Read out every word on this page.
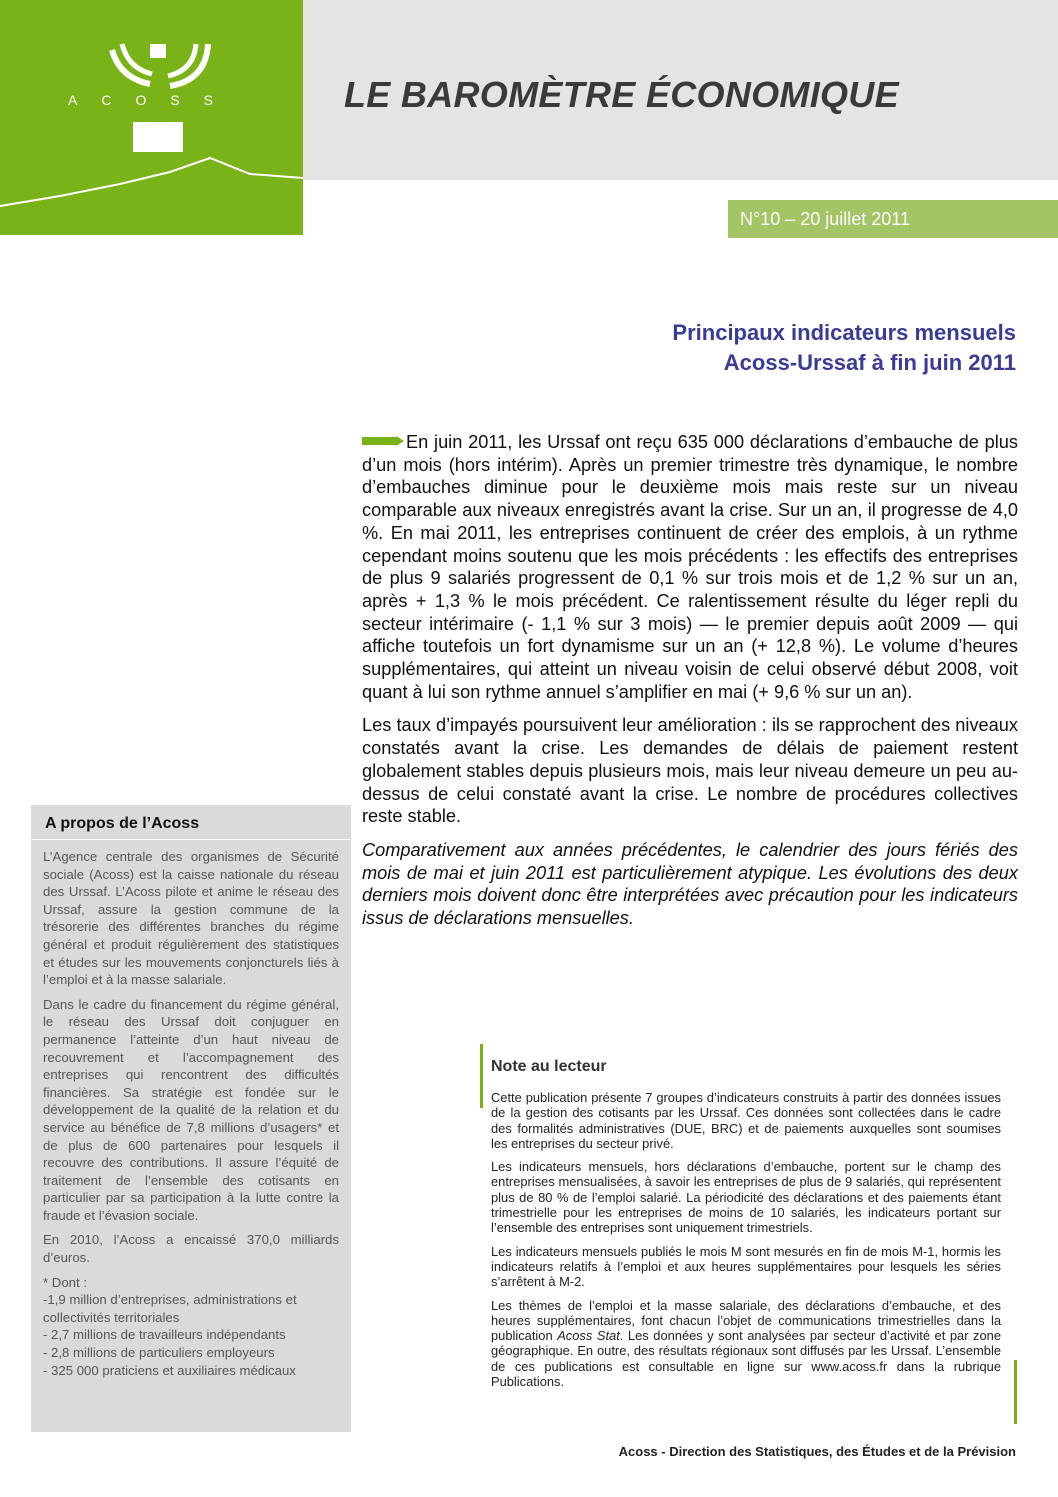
ACOSS	LE BAROMÈTRE ÉCONOMIQUE
N°10 – 20 juillet 2011
Principaux indicateurs mensuels
Acoss-Urssaf à fin juin 2011

En juin 2011, les Urssaf ont reçu 635 000 déclarations d’embauche de plus d’un mois (hors intérim). Après un premier trimestre très dynamique, le nombre d’embauches diminue pour le deuxième mois mais reste sur un niveau comparable aux niveaux enregistrés avant la crise. Sur un an, il progresse de 4,0 %. En mai 2011, les entreprises continuent de créer des emplois, à un rythme cependant moins soutenu que les mois précédents : les effectifs des entreprises de plus 9 salariés progressent de 0,1 % sur trois mois et de 1,2 % sur un an, après + 1,3 % le mois précédent. Ce ralentissement résulte du léger repli du secteur intérimaire (- 1,1 % sur 3 mois) — le premier depuis août 2009 — qui affiche toutefois un fort dynamisme sur un an (+ 12,8 %). Le volume d’heures supplémentaires, qui atteint un niveau voisin de celui observé début 2008, voit quant à lui son rythme annuel s’amplifier en mai (+ 9,6 % sur un an).

Les taux d’impayés poursuivent leur amélioration : ils se rapprochent des niveaux constatés avant la crise. Les demandes de délais de paiement restent globalement stables depuis plusieurs mois, mais leur niveau demeure un peu au-dessus de celui constaté avant la crise. Le nombre de procédures collectives reste stable.

Comparativement aux années précédentes, le calendrier des jours fériés des mois de mai et juin 2011 est particulièrement atypique. Les évolutions des deux derniers mois doivent donc être interprétées avec précaution pour les indicateurs issus de déclarations mensuelles.

A propos de l’Acoss

L’Agence centrale des organismes de Sécurité sociale (Acoss) est la caisse nationale du réseau des Urssaf. L’Acoss pilote et anime le réseau des Urssaf, assure la gestion commune de la trésorerie des différentes branches du régime général et produit régulièrement des statistiques et études sur les mouvements conjoncturels liés à l’emploi et à la masse salariale.

Dans le cadre du financement du régime général, le réseau des Urssaf doit conjuguer en permanence l’atteinte d’un haut niveau de recouvrement et l’accompagnement des entreprises qui rencontrent des difficultés financières. Sa stratégie est fondée sur le développement de la qualité de la relation et du service au bénéfice de 7,8 millions d’usagers* et de plus de 600 partenaires pour lesquels il recouvre des contributions. Il assure l’équité de traitement de l’ensemble des cotisants en particulier par sa participation à la lutte contre la fraude et l’évasion sociale.

En 2010, l’Acoss a encaissé 370,0 milliards d’euros.

* Dont :

-1,9 million d’entreprises, administrations et collectivités territoriales

- 2,7 millions de travailleurs indépendants

- 2,8 millions de particuliers employeurs

- 325 000 praticiens et auxiliaires médicaux

Note au lecteur

Cette publication présente 7 groupes d’indicateurs construits à partir des données issues de la gestion des cotisants par les Urssaf. Ces données sont collectées dans le cadre des formalités administratives (DUE, BRC) et de paiements auxquelles sont soumises les entreprises du secteur privé.

Les indicateurs mensuels, hors déclarations d’embauche, portent sur le champ des entreprises mensualisées, à savoir les entreprises de plus de 9 salariés, qui représentent plus de 80 % de l’emploi salarié. La périodicité des déclarations et des paiements étant trimestrielle pour les entreprises de moins de 10 salariés, les indicateurs portant sur l’ensemble des entreprises sont uniquement trimestriels.

Les indicateurs mensuels publiés le mois M sont mesurés en fin de mois M-1, hormis les indicateurs relatifs à l’emploi et aux heures supplémentaires pour lesquels les séries s’arrêtent à M-2.

Les thèmes de l’emploi et la masse salariale, des déclarations d’embauche, et des heures supplémentaires, font chacun l’objet de communications trimestrielles dans la publication Acoss Stat. Les données y sont analysées par secteur d’activité et par zone géographique. En outre, des résultats régionaux sont diffusés par les Urssaf. L’ensemble de ces publications est consultable en ligne sur www.acoss.fr dans la rubrique Publications.

Acoss - Direction des Statistiques, des Études et de la Prévision
